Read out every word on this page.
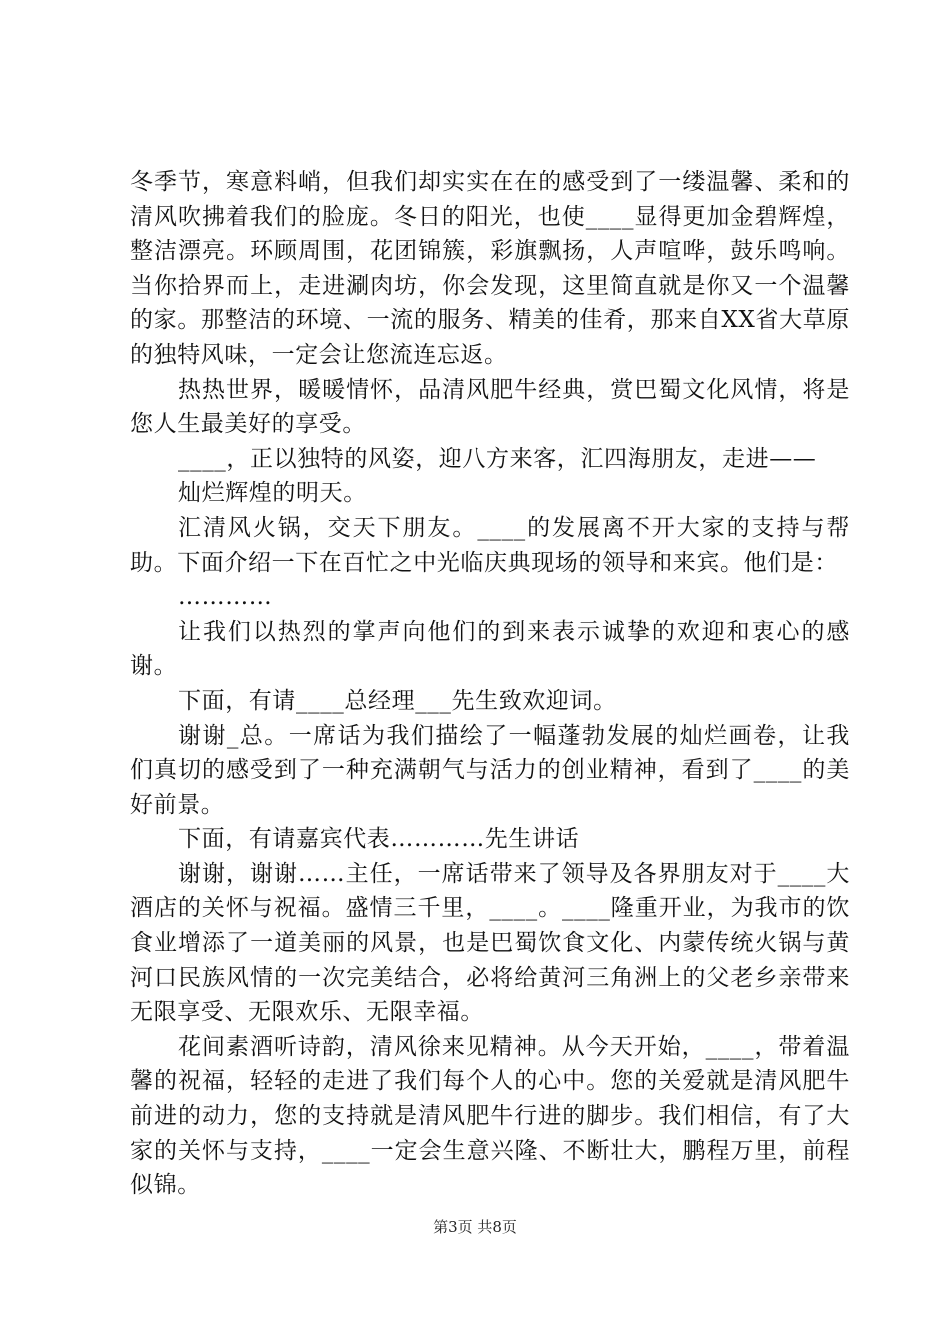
冬季节，寒意料峭，但我们却实实在在的感受到了一缕温馨、柔和的清风吹拂着我们的脸庞。冬日的阳光，也使____显得更加金碧辉煌，整洁漂亮。环顾周围，花团锦簇，彩旗飘扬，人声喧哗，鼓乐鸣响。当你拾界而上，走进涮肉坊，你会发现，这里简直就是你又一个温馨的家。那整洁的环境、一流的服务、精美的佳肴，那来自XX省大草原的独特风味，一定会让您流连忘返。

热热世界，暖暖情怀，品清风肥牛经典，赏巴蜀文化风情，将是您人生最美好的享受。

____，正以独特的风姿，迎八方来客，汇四海朋友，走进——

灿烂辉煌的明天。

汇清风火锅，交天下朋友。____的发展离不开大家的支持与帮助。下面介绍一下在百忙之中光临庆典现场的领导和来宾。他们是：

…………

让我们以热烈的掌声向他们的到来表示诚挚的欢迎和衷心的感谢。

下面，有请____总经理___先生致欢迎词。

谢谢_总。一席话为我们描绘了一幅蓬勃发展的灿烂画卷，让我们真切的感受到了一种充满朝气与活力的创业精神，看到了____的美好前景。

下面，有请嘉宾代表…………先生讲话

谢谢，谢谢……主任，一席话带来了领导及各界朋友对于____大酒店的关怀与祝福。盛情三千里，____。____隆重开业，为我市的饮食业增添了一道美丽的风景，也是巴蜀饮食文化、内蒙传统火锅与黄河口民族风情的一次完美结合，必将给黄河三角洲上的父老乡亲带来无限享受、无限欢乐、无限幸福。

花间素酒听诗韵，清风徐来见精神。从今天开始，____，带着温馨的祝福，轻轻的走进了我们每个人的心中。您的关爱就是清风肥牛前进的动力，您的支持就是清风肥牛行进的脚步。我们相信，有了大家的关怀与支持，____一定会生意兴隆、不断壮大，鹏程万里，前程似锦。

第3页 共8页
